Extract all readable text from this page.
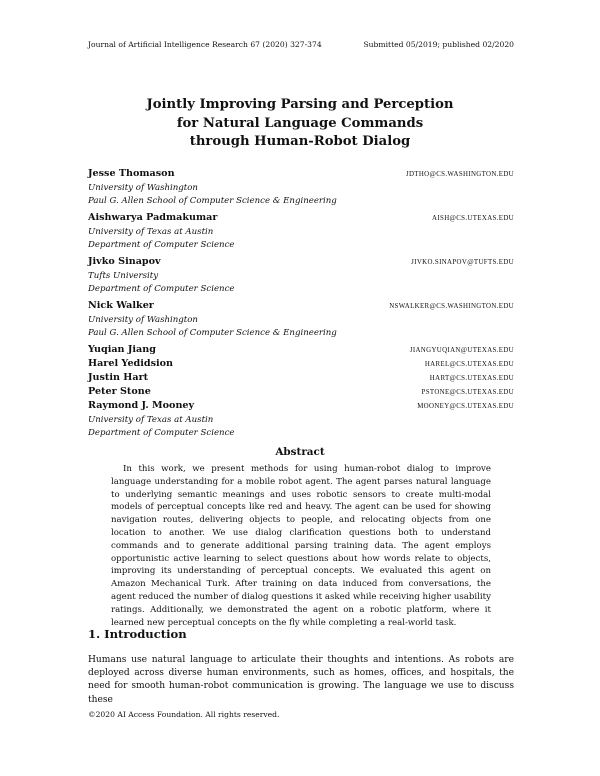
Journal of Artificial Intelligence Research 67 (2020) 327-374	Submitted 05/2019; published 02/2020
Jointly Improving Parsing and Perception
for Natural Language Commands
through Human-Robot Dialog
Jesse Thomason	JDTHO@CS.WASHINGTON.EDU
University of Washington
Paul G. Allen School of Computer Science & Engineering
Aishwarya Padmakumar	AISH@CS.UTEXAS.EDU
University of Texas at Austin
Department of Computer Science
Jivko Sinapov	JIVKO.SINAPOV@TUFTS.EDU
Tufts University
Department of Computer Science
Nick Walker	NSWALKER@CS.WASHINGTON.EDU
University of Washington
Paul G. Allen School of Computer Science & Engineering
Yuqian Jiang	JIANGYUQIAN@UTEXAS.EDU
Harel Yedidsion	HAREL@CS.UTEXAS.EDU
Justin Hart	HART@CS.UTEXAS.EDU
Peter Stone	PSTONE@CS.UTEXAS.EDU
Raymond J. Mooney	MOONEY@CS.UTEXAS.EDU
University of Texas at Austin
Department of Computer Science
Abstract

In this work, we present methods for using human-robot dialog to improve language understanding for a mobile robot agent. The agent parses natural language to underlying semantic meanings and uses robotic sensors to create multi-modal models of perceptual concepts like red and heavy. The agent can be used for showing navigation routes, delivering objects to people, and relocating objects from one location to another. We use dialog clarification questions both to understand commands and to generate additional parsing training data. The agent employs opportunistic active learning to select questions about how words relate to objects, improving its understanding of perceptual concepts. We evaluated this agent on Amazon Mechanical Turk. After training on data induced from conversations, the agent reduced the number of dialog questions it asked while receiving higher usability ratings. Additionally, we demonstrated the agent on a robotic platform, where it learned new perceptual concepts on the fly while completing a real-world task.

1. Introduction

Humans use natural language to articulate their thoughts and intentions. As robots are deployed across diverse human environments, such as homes, offices, and hospitals, the need for smooth human-robot communication is growing. The language we use to discuss these

©2020 AI Access Foundation. All rights reserved.
